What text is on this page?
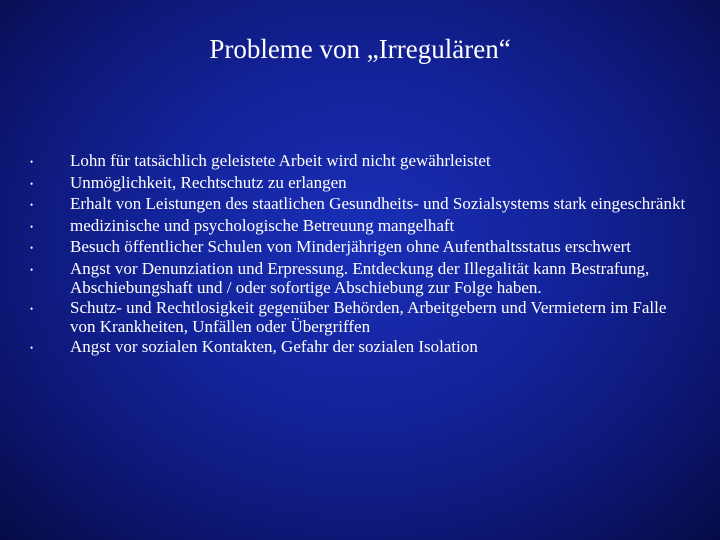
Probleme von „Irregulären“
•	Lohn für tatsächlich geleistete Arbeit wird nicht gewährleistet
•	Unmöglichkeit, Rechtschutz zu erlangen
•	Erhalt von Leistungen des staatlichen Gesundheits- und Sozialsystems stark eingeschränkt
•	medizinische und psychologische Betreuung mangelhaft
•	Besuch öffentlicher Schulen von Minderjährigen ohne Aufenthaltsstatus erschwert
•	Angst vor Denunziation und Erpressung. Entdeckung der Illegalität kann Bestrafung, Abschiebungshaft und / oder sofortige Abschiebung zur Folge haben.
•	Schutz- und Rechtlosigkeit gegenüber Behörden, Arbeitgebern und Vermietern im Falle von Krankheiten, Unfällen oder Übergriffen
•	Angst vor sozialen Kontakten, Gefahr der sozialen Isolation
